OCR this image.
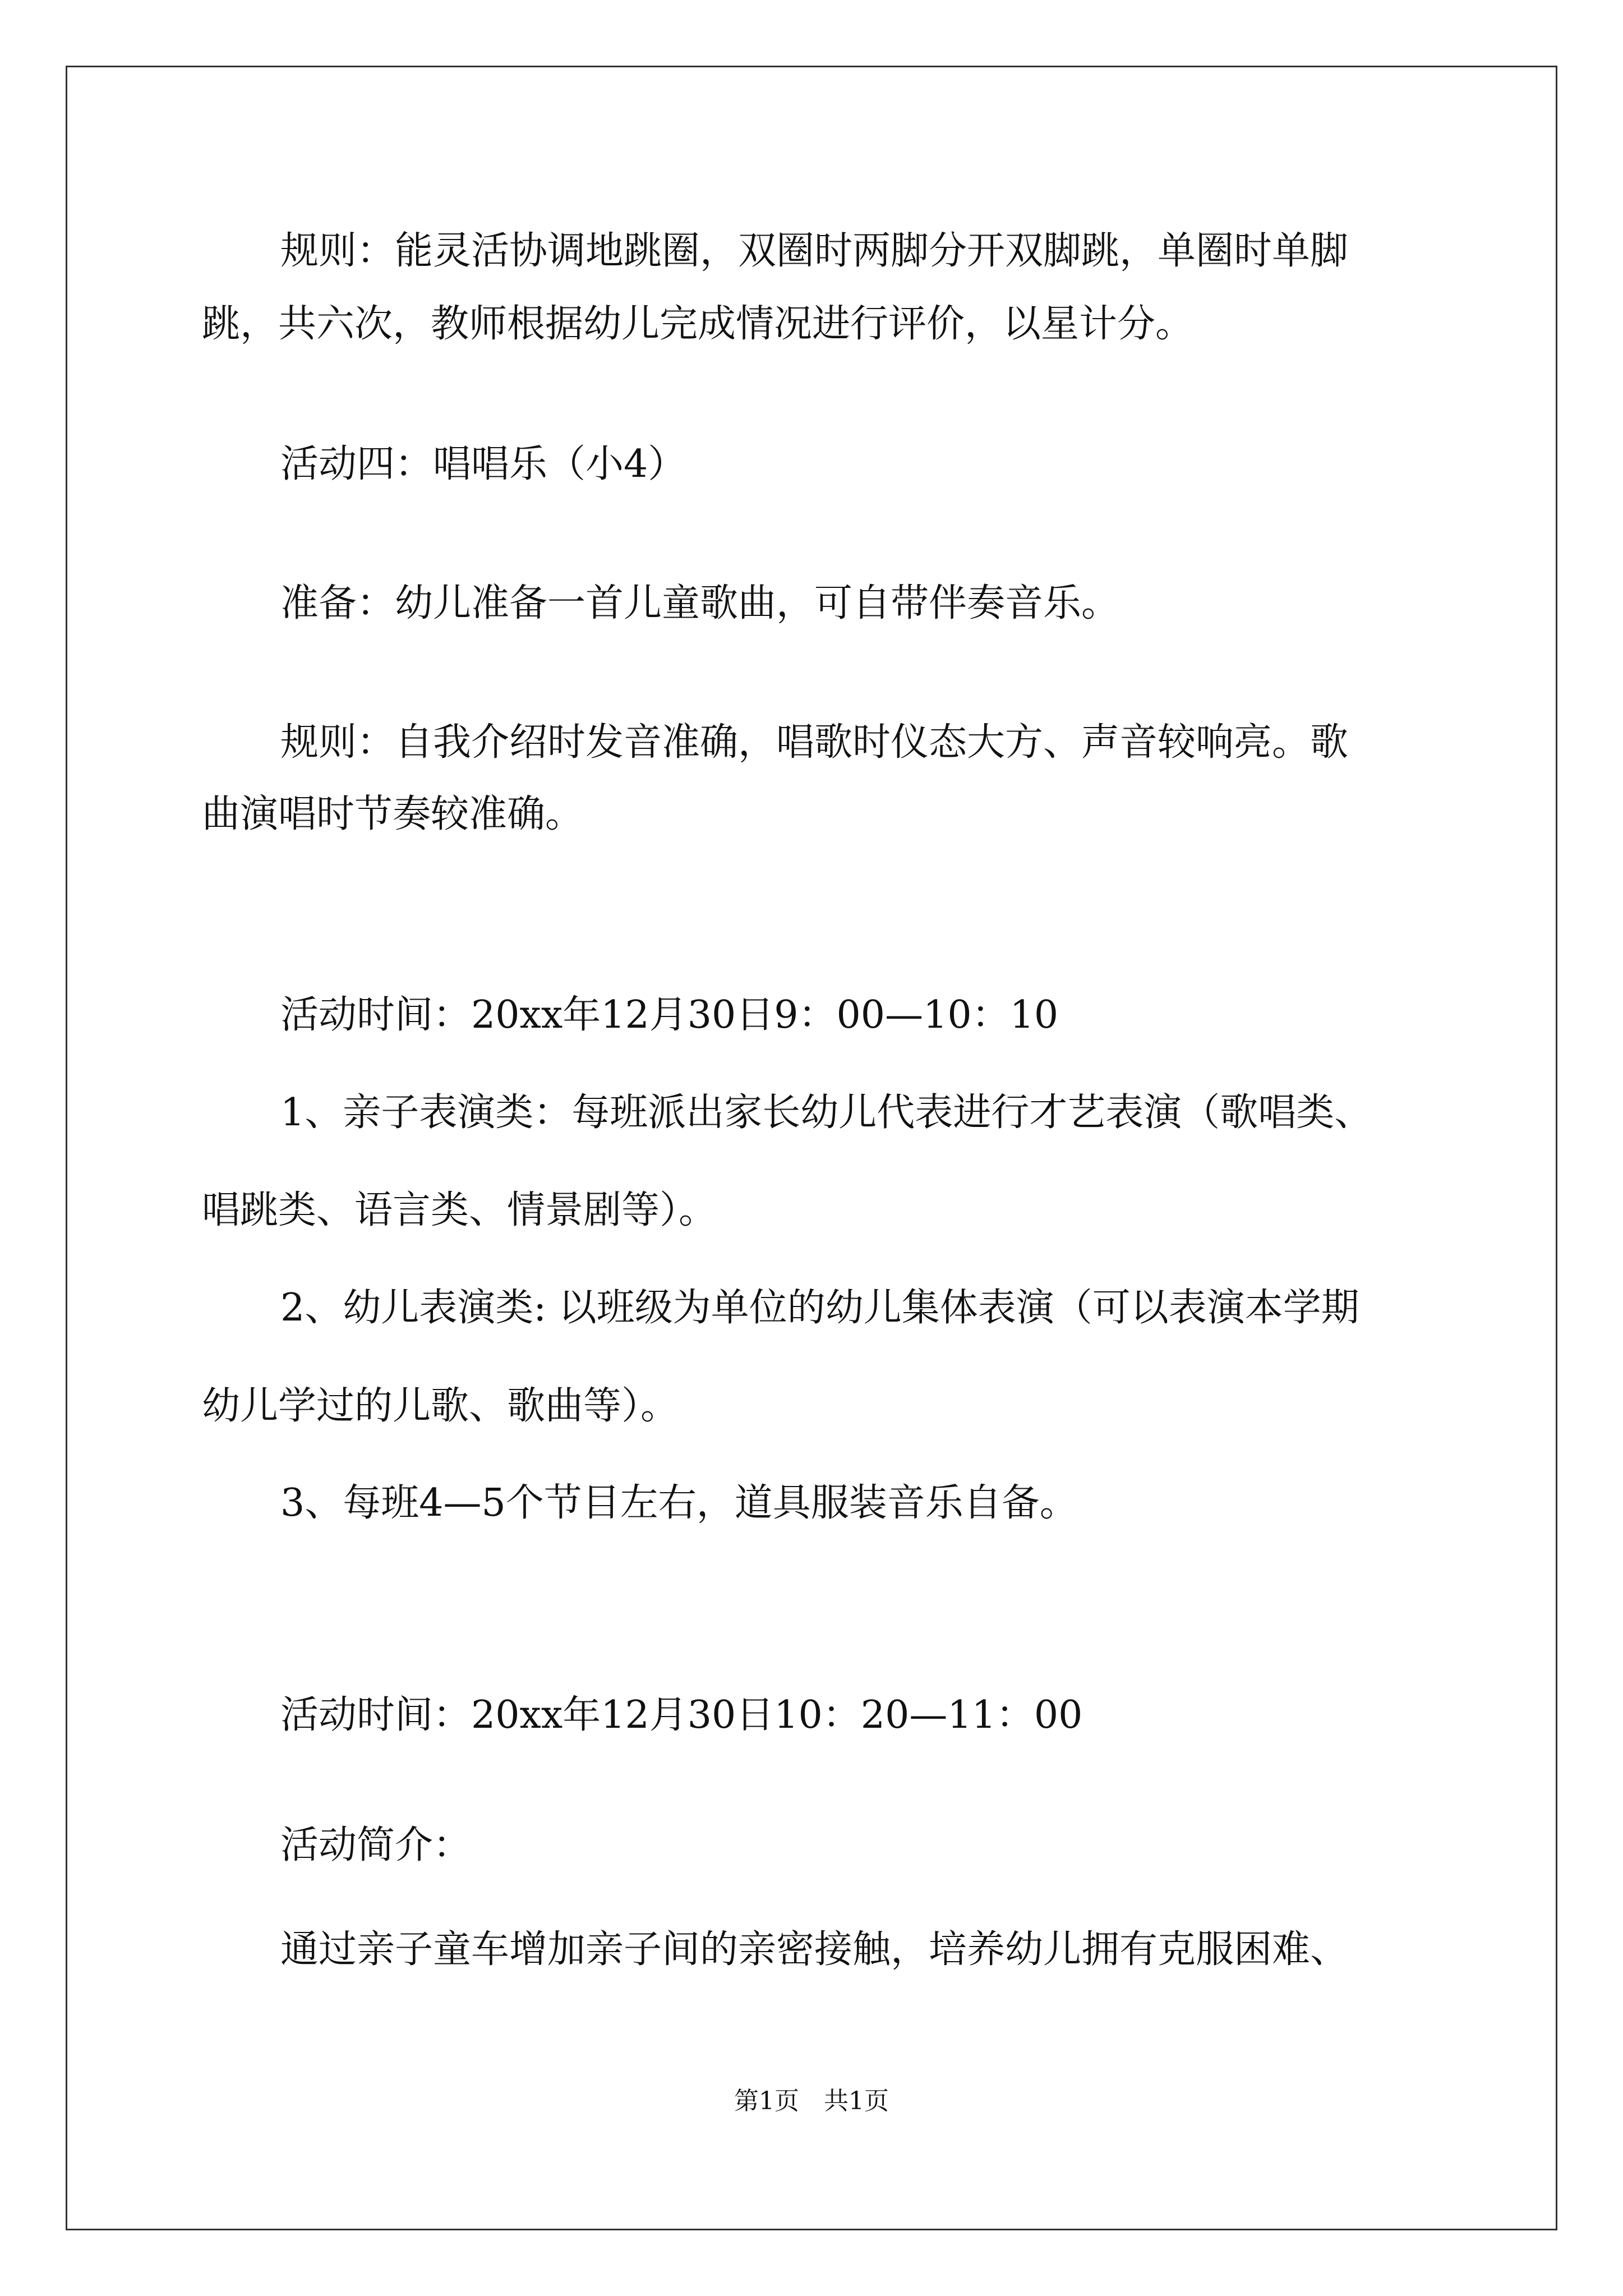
规则：能灵活协调地跳圈，双圈时两脚分开双脚跳，单圈时单脚
跳，共六次，教师根据幼儿完成情况进行评价，以星计分。
活动四：唱唱乐（小4）
准备：幼儿准备一首儿童歌曲，可自带伴奏音乐。
规则：自我介绍时发音准确，唱歌时仪态大方、声音较响亮。歌
曲演唱时节奏较准确。
活动时间：20xx年12月30日9：00—10：10
1、亲子表演类：每班派出家长幼儿代表进行才艺表演（歌唱类、
唱跳类、语言类、情景剧等）。
2、幼儿表演类: 以班级为单位的幼儿集体表演（可以表演本学期
幼儿学过的儿歌、歌曲等）。
3、每班4—5个节目左右，道具服装音乐自备。
活动时间：20xx年12月30日10：20—11：00
活动简介：
通过亲子童车增加亲子间的亲密接触，培养幼儿拥有克服困难、
第1页　共1页
